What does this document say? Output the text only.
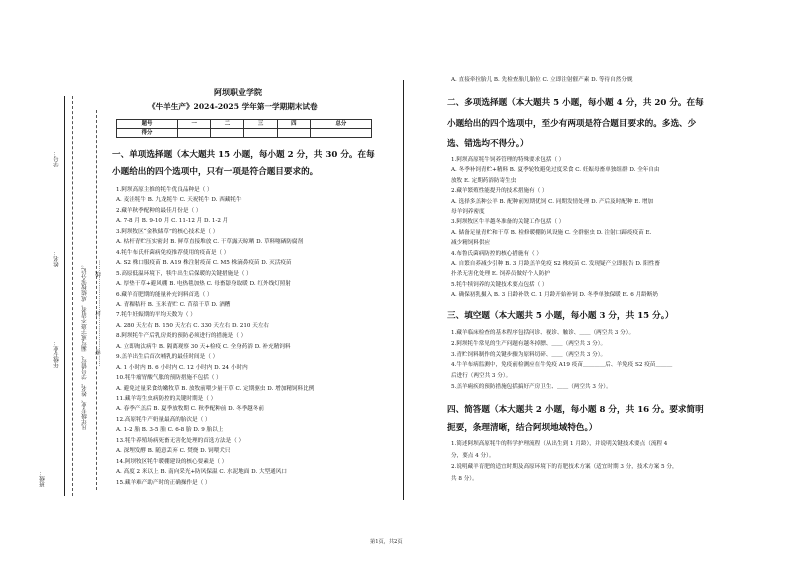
班级：
年级专业：
姓名：
学号：
凡年级专业、姓名、学号错写、漏写或字迹不清者，成绩按零分记。 ……密………………封………………线……
阿坝职业学院
《牛羊生产》2024-2025 学年第一学期期末试卷
题号	一	二	三	四	总分
得分					
一、单项选择题（本大题共 15 小题，每小题 2 分，共 30 分。在每
小题给出的四个选项中，只有一项是符合题目要求的。
1.阿坝高原主推的牦牛优良品种是（ ）
A. 麦洼牦牛 B. 九龙牦牛 C. 天祝牦牛 D. 西藏牦牛
2.藏羊秋季配种的最佳月份是（ ）
A. 7-8 月 B. 9-10 月 C. 11-12 月 D. 1-2 月
3.阿坝牧区“金秋储草”的核心技术是（ ）
A. 枯杆青贮压实密封 B. 鲜草直接堆放 C. 干草露天晾晒 D. 草料噻硒防腐剂
4.牦牛布氏杆菌病免疫推荐使用的疫苗是（ ）
A. S2 株口服疫苗 B. A19 株注射疫苗 C. M5 株滴鼻疫苗 D. 灭活疫苗
5.高原低温环境下，犊牛出生后保暖的关键措施是（ ）
A. 厚垫干草+避风棚 B. 电热毯加热 C. 母畜舔身取暖 D. 红外线灯照射
6.藏羊育肥期的能量补充饲料首选（ ）
A. 青稞秸秆 B. 玉米青贮 C. 苜蓿干草 D. 酒糟
7.牦牛妊娠期的平均天数为（ ）
A. 280 天左右 B. 150 天左右 C. 330 天左右 D. 210 天左右
8.阿坝牦牛产后乳房炎的预防必须进行的措施是（ ）
A. 立即淘汰病牛 B. 隔离观察 30 天+检疫 C. 全身药浴 D. 补充精饲料
9.羔羊出生后首次哺乳的最佳时间是（ ）
A. 1 小时内 B. 6 小时内 C. 12 小时内 D. 24 小时内
10.牦牛瘤胃酸气胀的预防措施不包括（ ）
A. 避免过量采食幼嫩牧草 B. 放牧前喂少量干草 C. 定期驱虫 D. 增加精饲料比例
11.藏羊寄生虫病防控的关键时期是（ ）
A. 春季产羔后 B. 夏季放牧期 C. 秋季配种前 D. 冬季越冬前
12.高原牦牛产奶量最高的胎次是（ ）
A. 1-2 胎 B. 3-5 胎 C. 6-8 胎 D. 9 胎以上
13.牦牛养殖场病死畜无害化处理的首选方法是（ ）
A. 深埋发酵 B. 随意丢弃 C. 焚烧 D. 饲喂犬只
14.阿坝牧区牦牛暖棚建设的核心要素是（ ）
A. 高度 2 米以上 B. 南向采光+防风保温 C. 水泥地面 D. 大型通风口
15.藏羊难产助产时的正确操作是（ ）
A. 直接牵拉胎儿 B. 先检查胎儿胎位 C. 立即注射催产素 D. 等待自然分娩
二、多项选择题（本大题共 5 小题，每小题 4 分，共 20 分。在每
小题给出的四个选项中，至少有两项是符合题目要求的。多选、少
选、错选均不得分。）
1.阿坝高原牦牛饲养管理的特殊要求包括（ ）
A. 冬季补饲青贮+精料 B. 夏季轮牧避免过度采食 C. 妊娠母畜单独组群 D. 全年自由
放牧 E. 定期药浴防寄生虫
2.藏羊繁殖性能提升的技术措施有（ ）
A. 选择多羔种公羊 B. 配种前短期优饲 C. 同期发情处理 D. 产后及时配种 E. 增加
母羊饲养密度
3.阿坝牧区牛羊越冬准备的关键工作包括（ ）
A. 储备足量青贮和干草 B. 检修暖棚防风设施 C. 全群驱虫 D. 注射口蹄疫疫苗 E.
减少精饲料供应
4.布鲁氏菌病防控的核心措施有（ ）
A. 自繁自养减少引种 B. 3 月龄羔羊免疫 S2 株疫苗 C. 发现疑产立即报告 D. 阳性畜
扑杀无害化处理 E. 饲养员做好个人防护
5.牦牛犊饲养的关键技术要点包括（ ）
A. 确保初乳摄入 B. 3 日龄补铁 C. 1 月龄开始补饲 D. 冬季单独保暖 E. 6 月龄断奶
三、填空题（本大题共 5 小题，每小题 3 分，共 15 分。）
1.藏羊临床检查的基本程序包括问诊、视诊、触诊、＿＿（两空共 3 分）。
2.阿坝牦牛常见的生产问题有越冬掉膘、＿＿（两空共 3 分）。
3.青贮饲料制作的关键步骤为原料切碎、＿＿（两空共 3 分）。
4.牛羊布病监测中，免疫前检测应在牛免疫 A19 疫苗＿＿＿＿后、羊免疫 S2 疫苗＿＿＿
后进行（两空共 3 分）。
5.羔羊痢疾的预防措施包括搞好产房卫生、＿＿（两空共 3 分）。
四、简答题（本大题共 2 小题，每小题 8 分，共 16 分。要求简明
扼要，条理清晰，结合阿坝地域特色。）
1.简述阿坝高原牦牛的科学护理流程（从出生到 1 月龄），并说明关键技术要点（流程 4
分，要点 4 分）。
2.说明藏羊育肥的适宜时期及高原环境下的育肥技术方案（适宜时期 3 分，技术方案 5 分，
共 8 分）。
第1页，共2页
